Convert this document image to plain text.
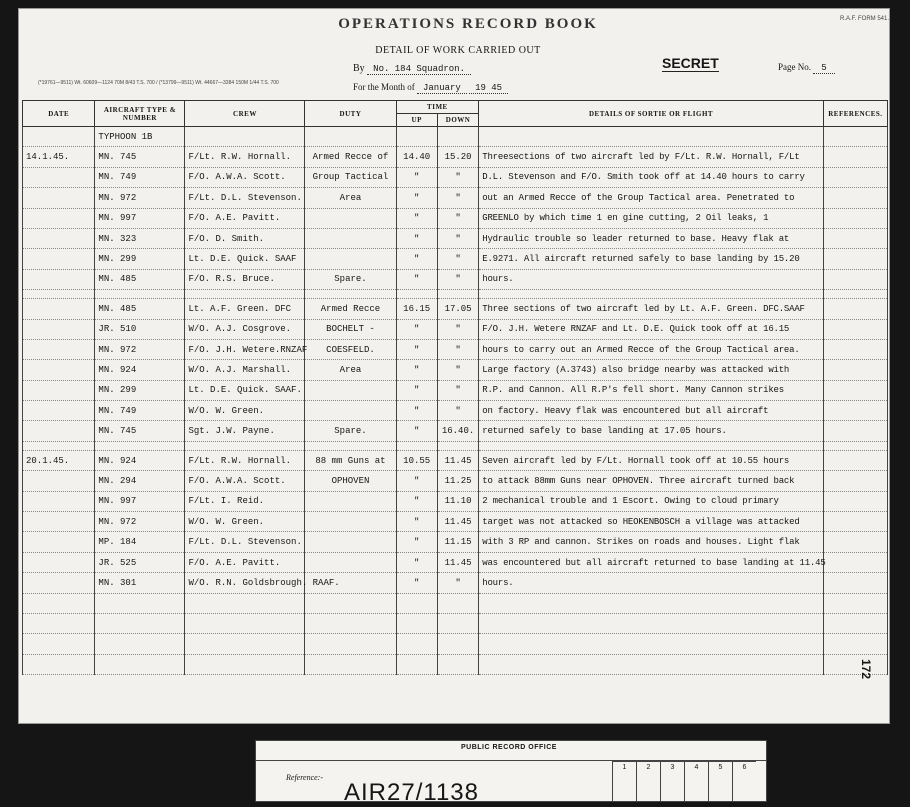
OPERATIONS RECORD BOOK	R.A.F. FORM 541.
DETAIL OF WORK CARRIED OUT
SECRET
By No. 184 Squadron.	Page No. 5
For the Month of January 19 45
(*19761—9511) Wt. 60609—1124 70M 8/43 T.S. 700 / (*13799—9511) Wt. 44667—3384 150M 1/44 T.S. 700
DATE	AIRCRAFT TYPE & NUMBER	CREW	DUTY	TIME		DETAILS OF SORTIE OR FLIGHT	REFERENCES.
				UP	DOWN		
	TYPHOON 1B						
14.1.45.	MN. 745	F/Lt. R.W. Hornall.	Armed Recce of	14.40	15.20	Threesections of two aircraft led by F/Lt. R.W. Hornall, F/Lt	
	MN. 749	F/O. A.W.A. Scott.	Group Tactical	"	"	D.L. Stevenson and F/O. Smith took off at 14.40 hours to carry	
	MN. 972	F/Lt. D.L. Stevenson.	Area	"	"	out an Armed Recce of the Group Tactical area. Penetrated to	
	MN. 997	F/O. A.E. Pavitt.		"	"	GREENLO by which time 1 en gine cutting, 2 Oil leaks, 1	
	MN. 323	F/O. D. Smith.		"	"	Hydraulic trouble so leader returned to base. Heavy flak at	
	MN. 299	Lt. D.E. Quick. SAAF		"	"	E.9271. All aircraft returned safely to base landing by 15.20	
	MN. 485	F/O. R.S. Bruce.	Spare.	"	"	hours.	

	MN. 485	Lt. A.F. Green. DFC	Armed Recce	16.15	17.05	Three sections of two aircraft led by Lt. A.F. Green. DFC.SAAF	
	JR. 510	W/O. A.J. Cosgrove.	BOCHELT -	"	"	F/O. J.H. Wetere RNZAF and Lt. D.E. Quick took off at 16.15	
	MN. 972	F/O. J.H. Wetere.RNZAF	COESFELD.	"	"	hours to carry out an Armed Recce of the Group Tactical area.	
	MN. 924	W/O. A.J. Marshall.	Area	"	"	Large factory (A.3743) also bridge nearby was attacked with	
	MN. 299	Lt. D.E. Quick. SAAF.		"	"	R.P. and Cannon. All R.P's fell short. Many Cannon strikes	
	MN. 749	W/O. W. Green.		"	"	on factory. Heavy flak was encountered but all aircraft	
	MN. 745	Sgt. J.W. Payne.	Spare.	"	16.40.	returned safely to base landing at 17.05 hours.	

20.1.45.	MN. 924	F/Lt. R.W. Hornall.	88 mm Guns at	10.55	11.45	Seven aircraft led by F/Lt. Hornall took off at 10.55 hours	
	MN. 294	F/O. A.W.A. Scott.	OPHOVEN	"	11.25	to attack 88mm Guns near OPHOVEN. Three aircraft turned back	
	MN. 997	F/Lt. I. Reid.		"	11.10	2 mechanical trouble and 1 Escort. Owing to cloud primary	
	MN. 972	W/O. W. Green.		"	11.45	target was not attacked so HEOKENBOSCH a village was attacked	
	MP. 184	F/Lt. D.L. Stevenson.		"	11.15	with 3 RP and cannon. Strikes on roads and houses. Light flak	
	JR. 525	F/O. A.E. Pavitt.		"	11.45	was encountered but all aircraft returned to base landing at 11.45	
	MN. 301	W/O. R.N. Goldsbrough. RAAF.		"	"	hours.	

172
PUBLIC RECORD OFFICE
Reference:-
AIR27/1138
1	2	3	4	5	6
